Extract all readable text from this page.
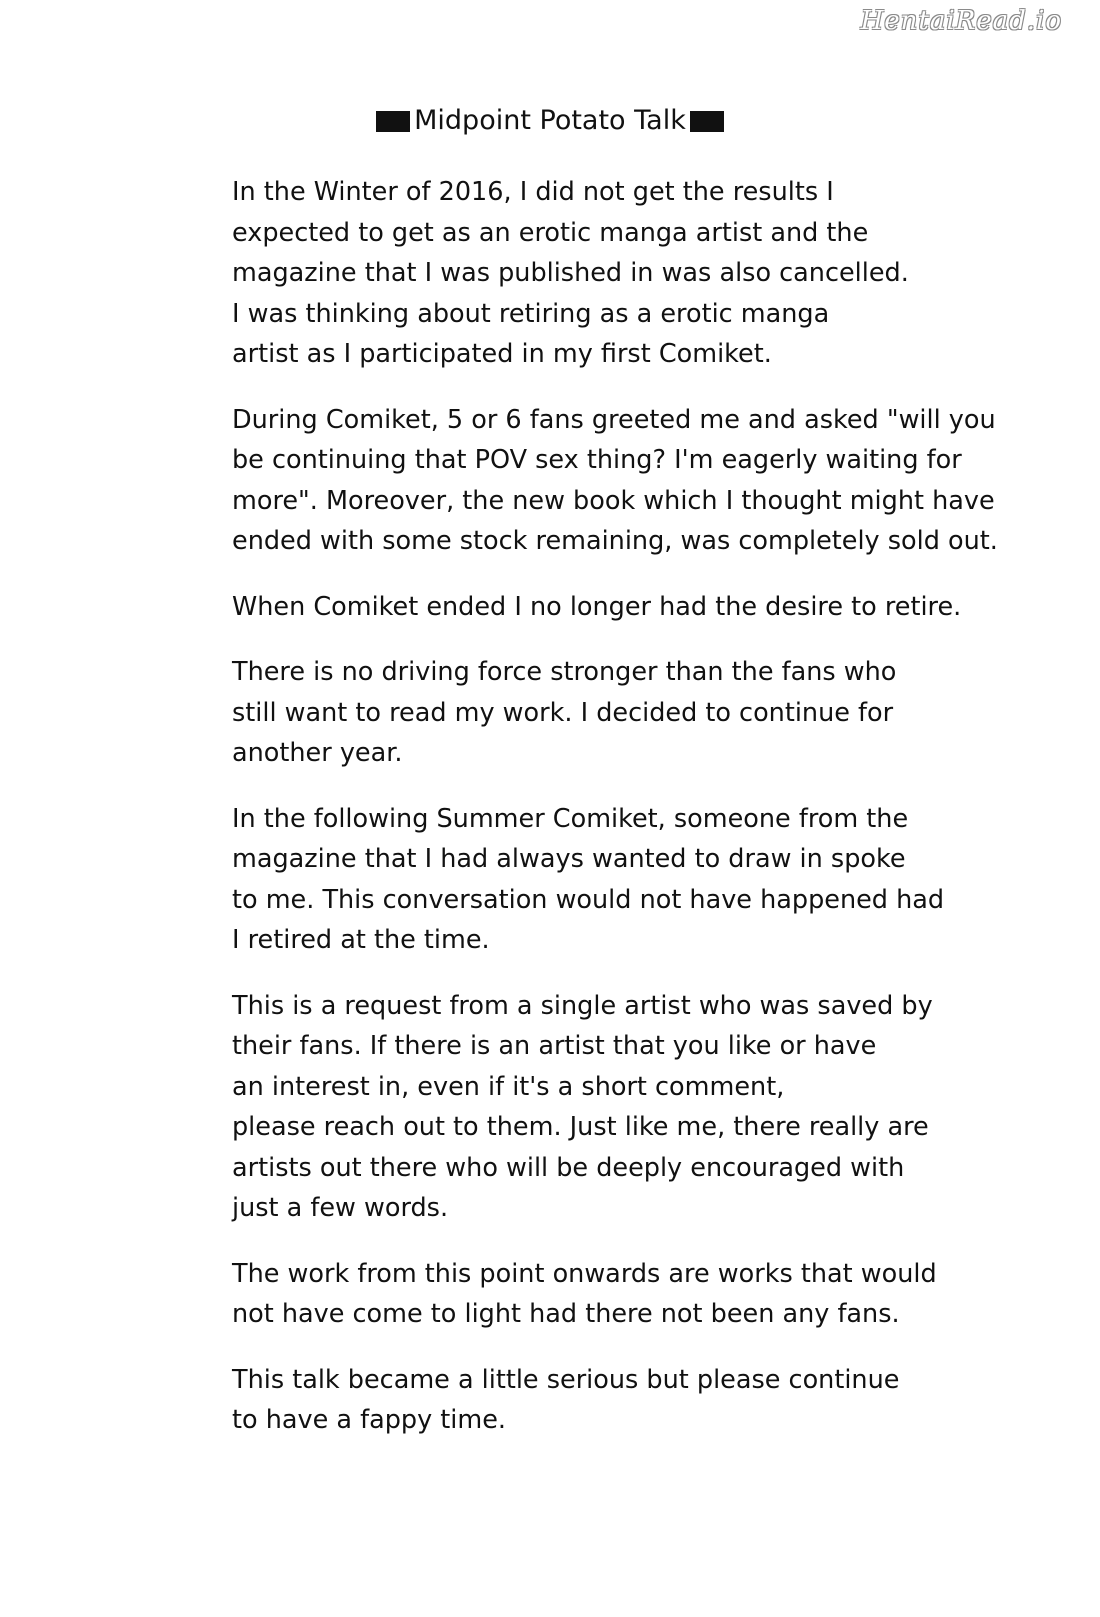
HentaiRead.io
Midpoint Potato Talk
In the Winter of 2016, I did not get the results I
expected to get as an erotic manga artist and the
magazine that I was published in was also cancelled.
I was thinking about retiring as a erotic manga
artist as I participated in my first Comiket.
During Comiket, 5 or 6 fans greeted me and asked "will you
be continuing that POV sex thing? I'm eagerly waiting for
more". Moreover, the new book which I thought might have
ended with some stock remaining, was completely sold out.
When Comiket ended I no longer had the desire to retire.
There is no driving force stronger than the fans who
still want to read my work. I decided to continue for
another year.
In the following Summer Comiket, someone from the
magazine that I had always wanted to draw in spoke
to me. This conversation would not have happened had
I retired at the time.
This is a request from a single artist who was saved by
their fans. If there is an artist that you like or have
an interest in, even if it's a short comment,
please reach out to them. Just like me, there really are
artists out there who will be deeply encouraged with
just a few words.
The work from this point onwards are works that would
not have come to light had there not been any fans.
This talk became a little serious but please continue
to have a fappy time.
